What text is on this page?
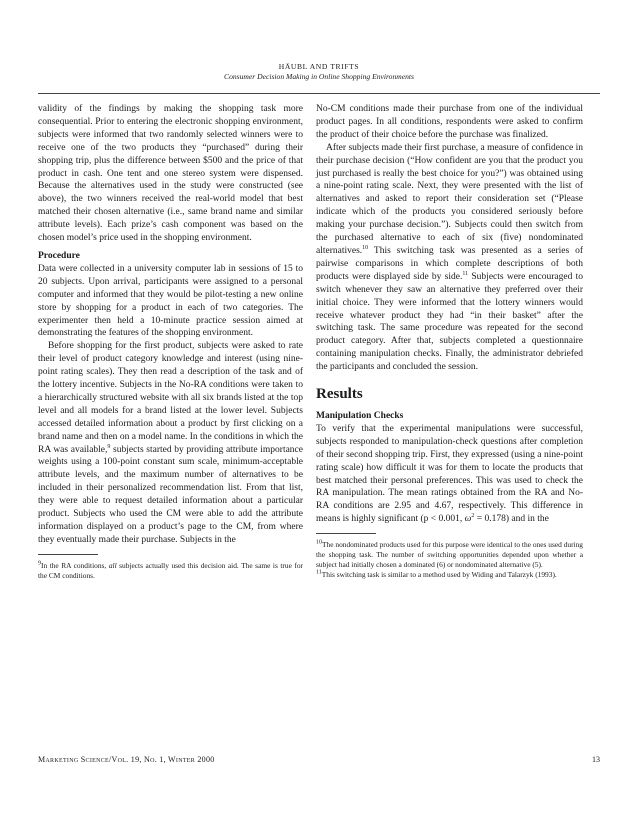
HÄUBL AND TRIFTS
Consumer Decision Making in Online Shopping Environments

validity of the findings by making the shopping task more consequential. Prior to entering the electronic shopping environment, subjects were informed that two randomly selected winners were to receive one of the two products they “purchased” during their shopping trip, plus the difference between $500 and the price of that product in cash. One tent and one stereo system were dispensed. Because the alternatives used in the study were constructed (see above), the two winners received the real-world model that best matched their chosen alternative (i.e., same brand name and similar attribute levels). Each prize’s cash component was based on the chosen model’s price used in the shopping environment.

Procedure

Data were collected in a university computer lab in sessions of 15 to 20 subjects. Upon arrival, participants were assigned to a personal computer and informed that they would be pilot-testing a new online store by shopping for a product in each of two categories. The experimenter then held a 10-minute practice session aimed at demonstrating the features of the shopping environment.

Before shopping for the first product, subjects were asked to rate their level of product category knowledge and interest (using nine-point rating scales). They then read a description of the task and of the lottery incentive. Subjects in the No-RA conditions were taken to a hierarchically structured website with all six brands listed at the top level and all models for a brand listed at the lower level. Subjects accessed detailed information about a product by first clicking on a brand name and then on a model name. In the conditions in which the RA was available,$^9$ subjects started by providing attribute importance weights using a 100-point constant sum scale, minimum-acceptable attribute levels, and the maximum number of alternatives to be included in their personalized recommendation list. From that list, they were able to request detailed information about a particular product. Subjects who used the CM were able to add the attribute information displayed on a product’s page to the CM, from where they eventually made their purchase. Subjects in the

$^9$In the RA conditions, all subjects actually used this decision aid. The same is true for the CM conditions.

No-CM conditions made their purchase from one of the individual product pages. In all conditions, respondents were asked to confirm the product of their choice before the purchase was finalized.

After subjects made their first purchase, a measure of confidence in their purchase decision (“How confident are you that the product you just purchased is really the best choice for you?”) was obtained using a nine-point rating scale. Next, they were presented with the list of alternatives and asked to report their consideration set (“Please indicate which of the products you considered seriously before making your purchase decision.”). Subjects could then switch from the purchased alternative to each of six (five) nondominated alternatives.$^{10}$ This switching task was presented as a series of pairwise comparisons in which complete descriptions of both products were displayed side by side.$^{11}$ Subjects were encouraged to switch whenever they saw an alternative they preferred over their initial choice. They were informed that the lottery winners would receive whatever product they had “in their basket” after the switching task. The same procedure was repeated for the second product category. After that, subjects completed a questionnaire containing manipulation checks. Finally, the administrator debriefed the participants and concluded the session.

Results
Manipulation Checks

To verify that the experimental manipulations were successful, subjects responded to manipulation-check questions after completion of their second shopping trip. First, they expressed (using a nine-point rating scale) how difficult it was for them to locate the products that best matched their personal preferences. This was used to check the RA manipulation. The mean ratings obtained from the RA and No-RA conditions are 2.95 and 4.67, respectively. This difference in means is highly significant (p < 0.001, $\omega^2 = 0.178$) and in the

$^{10}$The nondominated products used for this purpose were identical to the ones used during the shopping task. The number of switching opportunities depended upon whether a subject had initially chosen a dominated (6) or nondominated alternative (5).

$^{11}$This switching task is similar to a method used by Widing and Talarzyk (1993).

Marketing Science/Vol. 19, No. 1, Winter 2000	13
